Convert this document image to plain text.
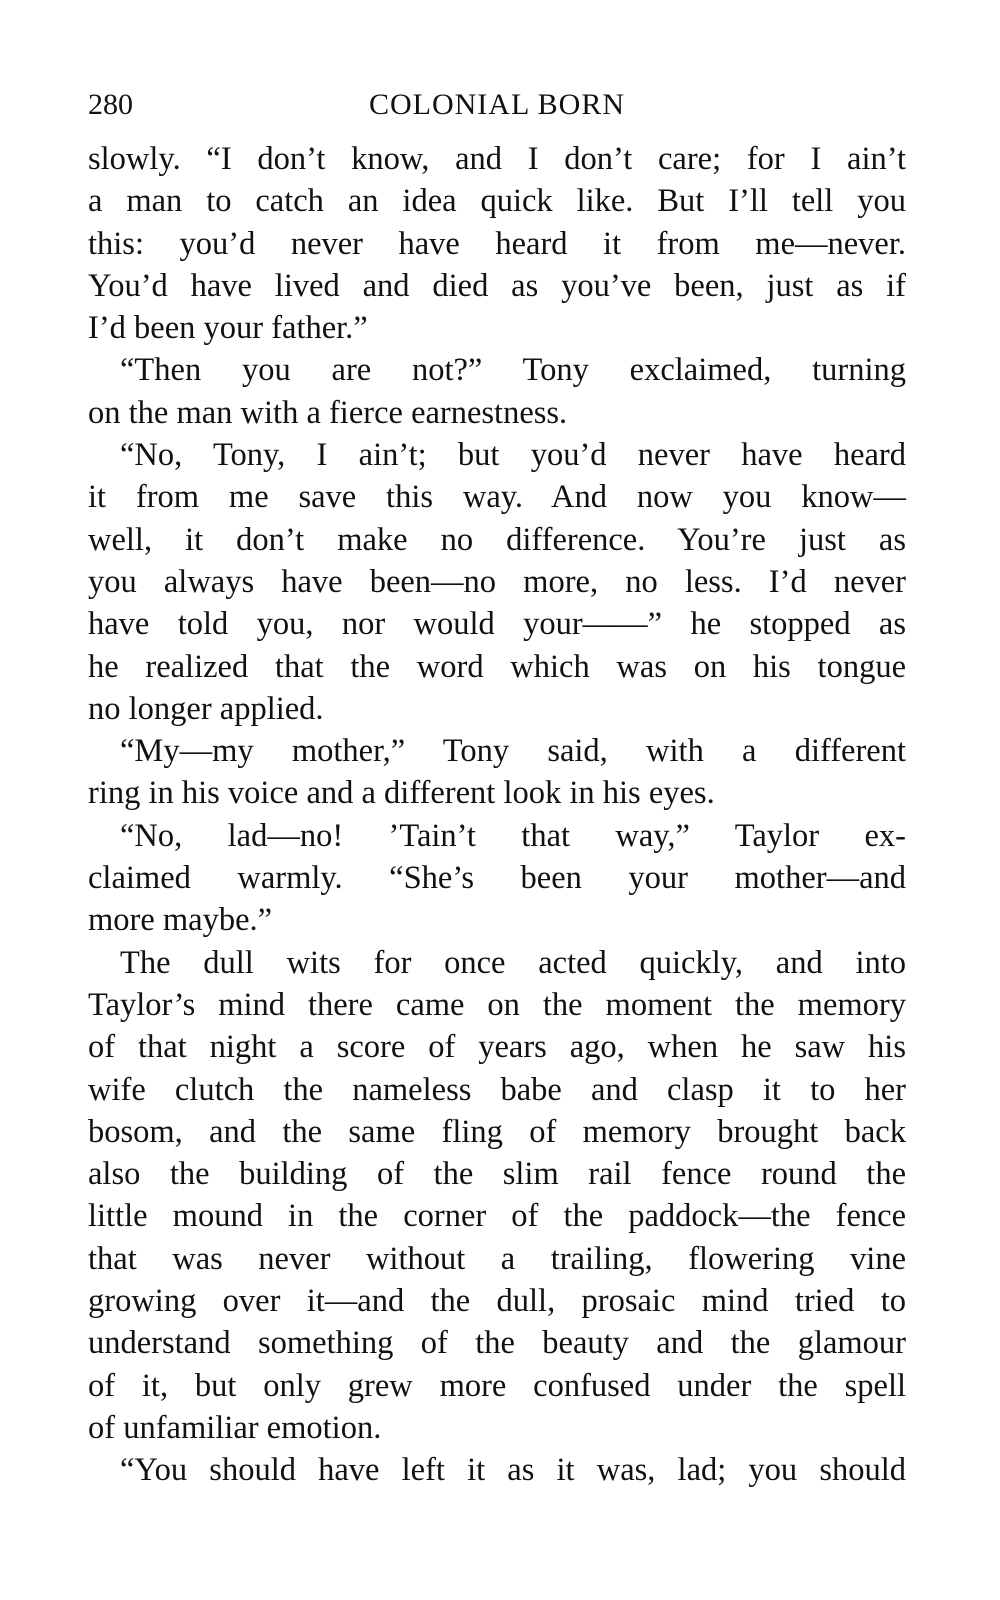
280	COLONIAL BORN
slowly. “I don’t know, and I don’t care; for I ain’t
a man to catch an idea quick like. But I’ll tell you
this: you’d never have heard it from me—never.
You’d have lived and died as you’ve been, just as if
I’d been your father.”
“Then you are not?” Tony exclaimed, turning
on the man with a fierce earnestness.
“No, Tony, I ain’t; but you’d never have heard
it from me save this way. And now you know—
well, it don’t make no difference. You’re just as
you always have been—no more, no less. I’d never
have told you, nor would your——” he stopped as
he realized that the word which was on his tongue
no longer applied.
“My—my mother,” Tony said, with a different
ring in his voice and a different look in his eyes.
“No, lad—no! ’Tain’t that way,” Taylor ex-
claimed warmly. “She’s been your mother—and
more maybe.”
The dull wits for once acted quickly, and into
Taylor’s mind there came on the moment the memory
of that night a score of years ago, when he saw his
wife clutch the nameless babe and clasp it to her
bosom, and the same fling of memory brought back
also the building of the slim rail fence round the
little mound in the corner of the paddock—the fence
that was never without a trailing, flowering vine
growing over it—and the dull, prosaic mind tried to
understand something of the beauty and the glamour
of it, but only grew more confused under the spell
of unfamiliar emotion.
“You should have left it as it was, lad; you should
